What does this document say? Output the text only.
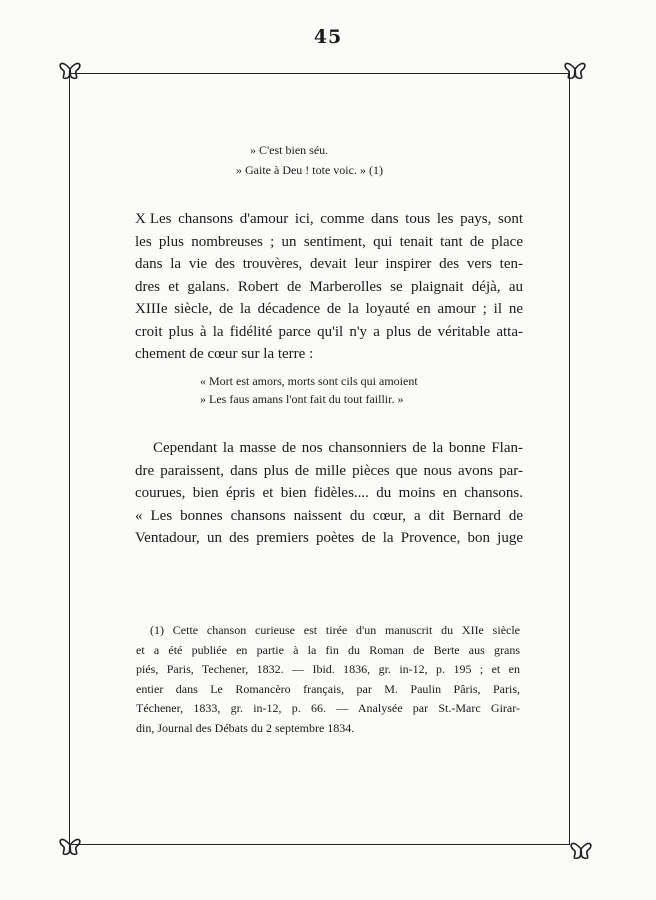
45
» C'est bien séu.
» Gaite à Deu ! tote voic. » (1)
X Les chansons d'amour ici, comme dans tous les pays, sont
les plus nombreuses ; un sentiment, qui tenait tant de place
dans la vie des trouvères, devait leur inspirer des vers ten-
dres et galans. Robert de Marberolles se plaignait déjà, au
XIIIe siècle, de la décadence de la loyauté en amour ; il ne
croit plus à la fidélité parce qu'il n'y a plus de véritable atta-
chement de cœur sur la terre :
« Mort est amors, morts sont cils qui amoient
» Les faus amans l'ont fait du tout faillir. »
Cependant la masse de nos chansonniers de la bonne Flan-
dre paraissent, dans plus de mille pièces que nous avons par-
courues, bien épris et bien fidèles.... du moins en chansons.
« Les bonnes chansons naissent du cœur, a dit Bernard de
Ventadour, un des premiers poètes de la Provence, bon juge
(1) Cette chanson curieuse est tirée d'un manuscrit du XIIe siècle
et a été publiée en partie à la fin du Roman de Berte aus grans
piés, Paris, Techener, 1832. — Ibid. 1836, gr. in-12, p. 195 ; et en
entier dans Le Romancèro français, par M. Paulin Pâris, Paris,
Téchener, 1833, gr. in-12, p. 66. — Analysée par St.-Marc Girar-
din, Journal des Débats du 2 septembre 1834.
